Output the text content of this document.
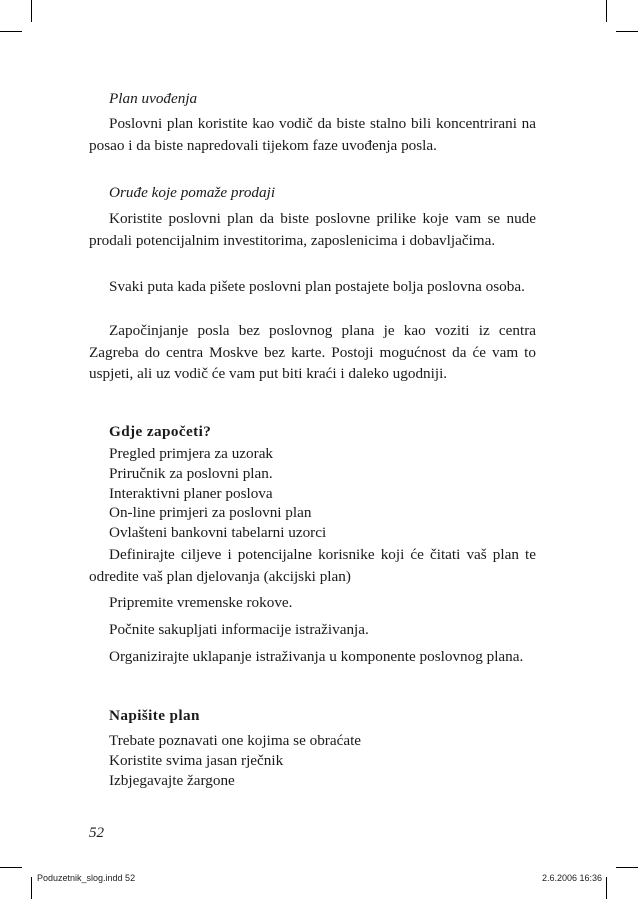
Plan uvođenja

Poslovni plan koristite kao vodič da biste stalno bili koncentrirani na posao i da biste napredovali tijekom faze uvođenja posla.

Oruđe koje pomaže prodaji

Koristite poslovni plan da biste poslovne prilike koje vam se nude prodali potencijalnim investitorima, zaposlenicima i dobavljačima.

Svaki puta kada pišete poslovni plan postajete bolja poslovna osoba.

Započinjanje posla bez poslovnog plana je kao voziti iz centra Zagreba do centra Moskve bez karte. Postoji mogućnost da će vam to uspjeti, ali uz vodič će vam put biti kraći i daleko ugodniji.

Gdje započeti?

Pregled primjera za uzorak
Priručnik za poslovni plan.
Interaktivni planer poslova
On-line primjeri za poslovni plan
Ovlašteni bankovni tabelarni uzorci

Definirajte ciljeve i potencijalne korisnike koji će čitati vaš plan te odredite vaš plan djelovanja (akcijski plan)

Pripremite vremenske rokove.

Počnite sakupljati informacije istraživanja.

Organizirajte uklapanje istraživanja u komponente poslovnog plana.

Napišite plan

Trebate poznavati one kojima se obraćate
Koristite svima jasan rječnik
Izbjegavajte žargone

52

Poduzetnik_slog.indd 52	2.6.2006 16:36
